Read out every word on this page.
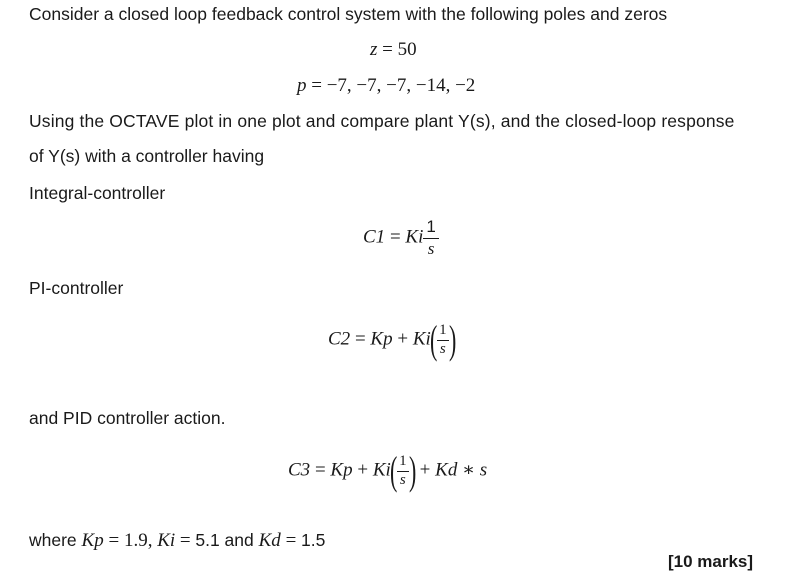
Consider a closed loop feedback control system with the following poles and zeros
z = 50
p = −7, −7, −7, −14, −2
Using the OCTAVE plot in one plot and compare plant Y(s), and the closed-loop response
of Y(s) with a controller having
Integral-controller
C1 = Ki $\frac{1}{s}$
PI-controller
$C2 = Kp + Ki( \frac{1}{s}$ )
and PID controller action.
$C3 = Kp + Ki( \frac{1}{s}$ ) + Kd ∗ s
where Kp = 1.9, Ki = 5.1 and Kd = 1.5
[10 marks]
